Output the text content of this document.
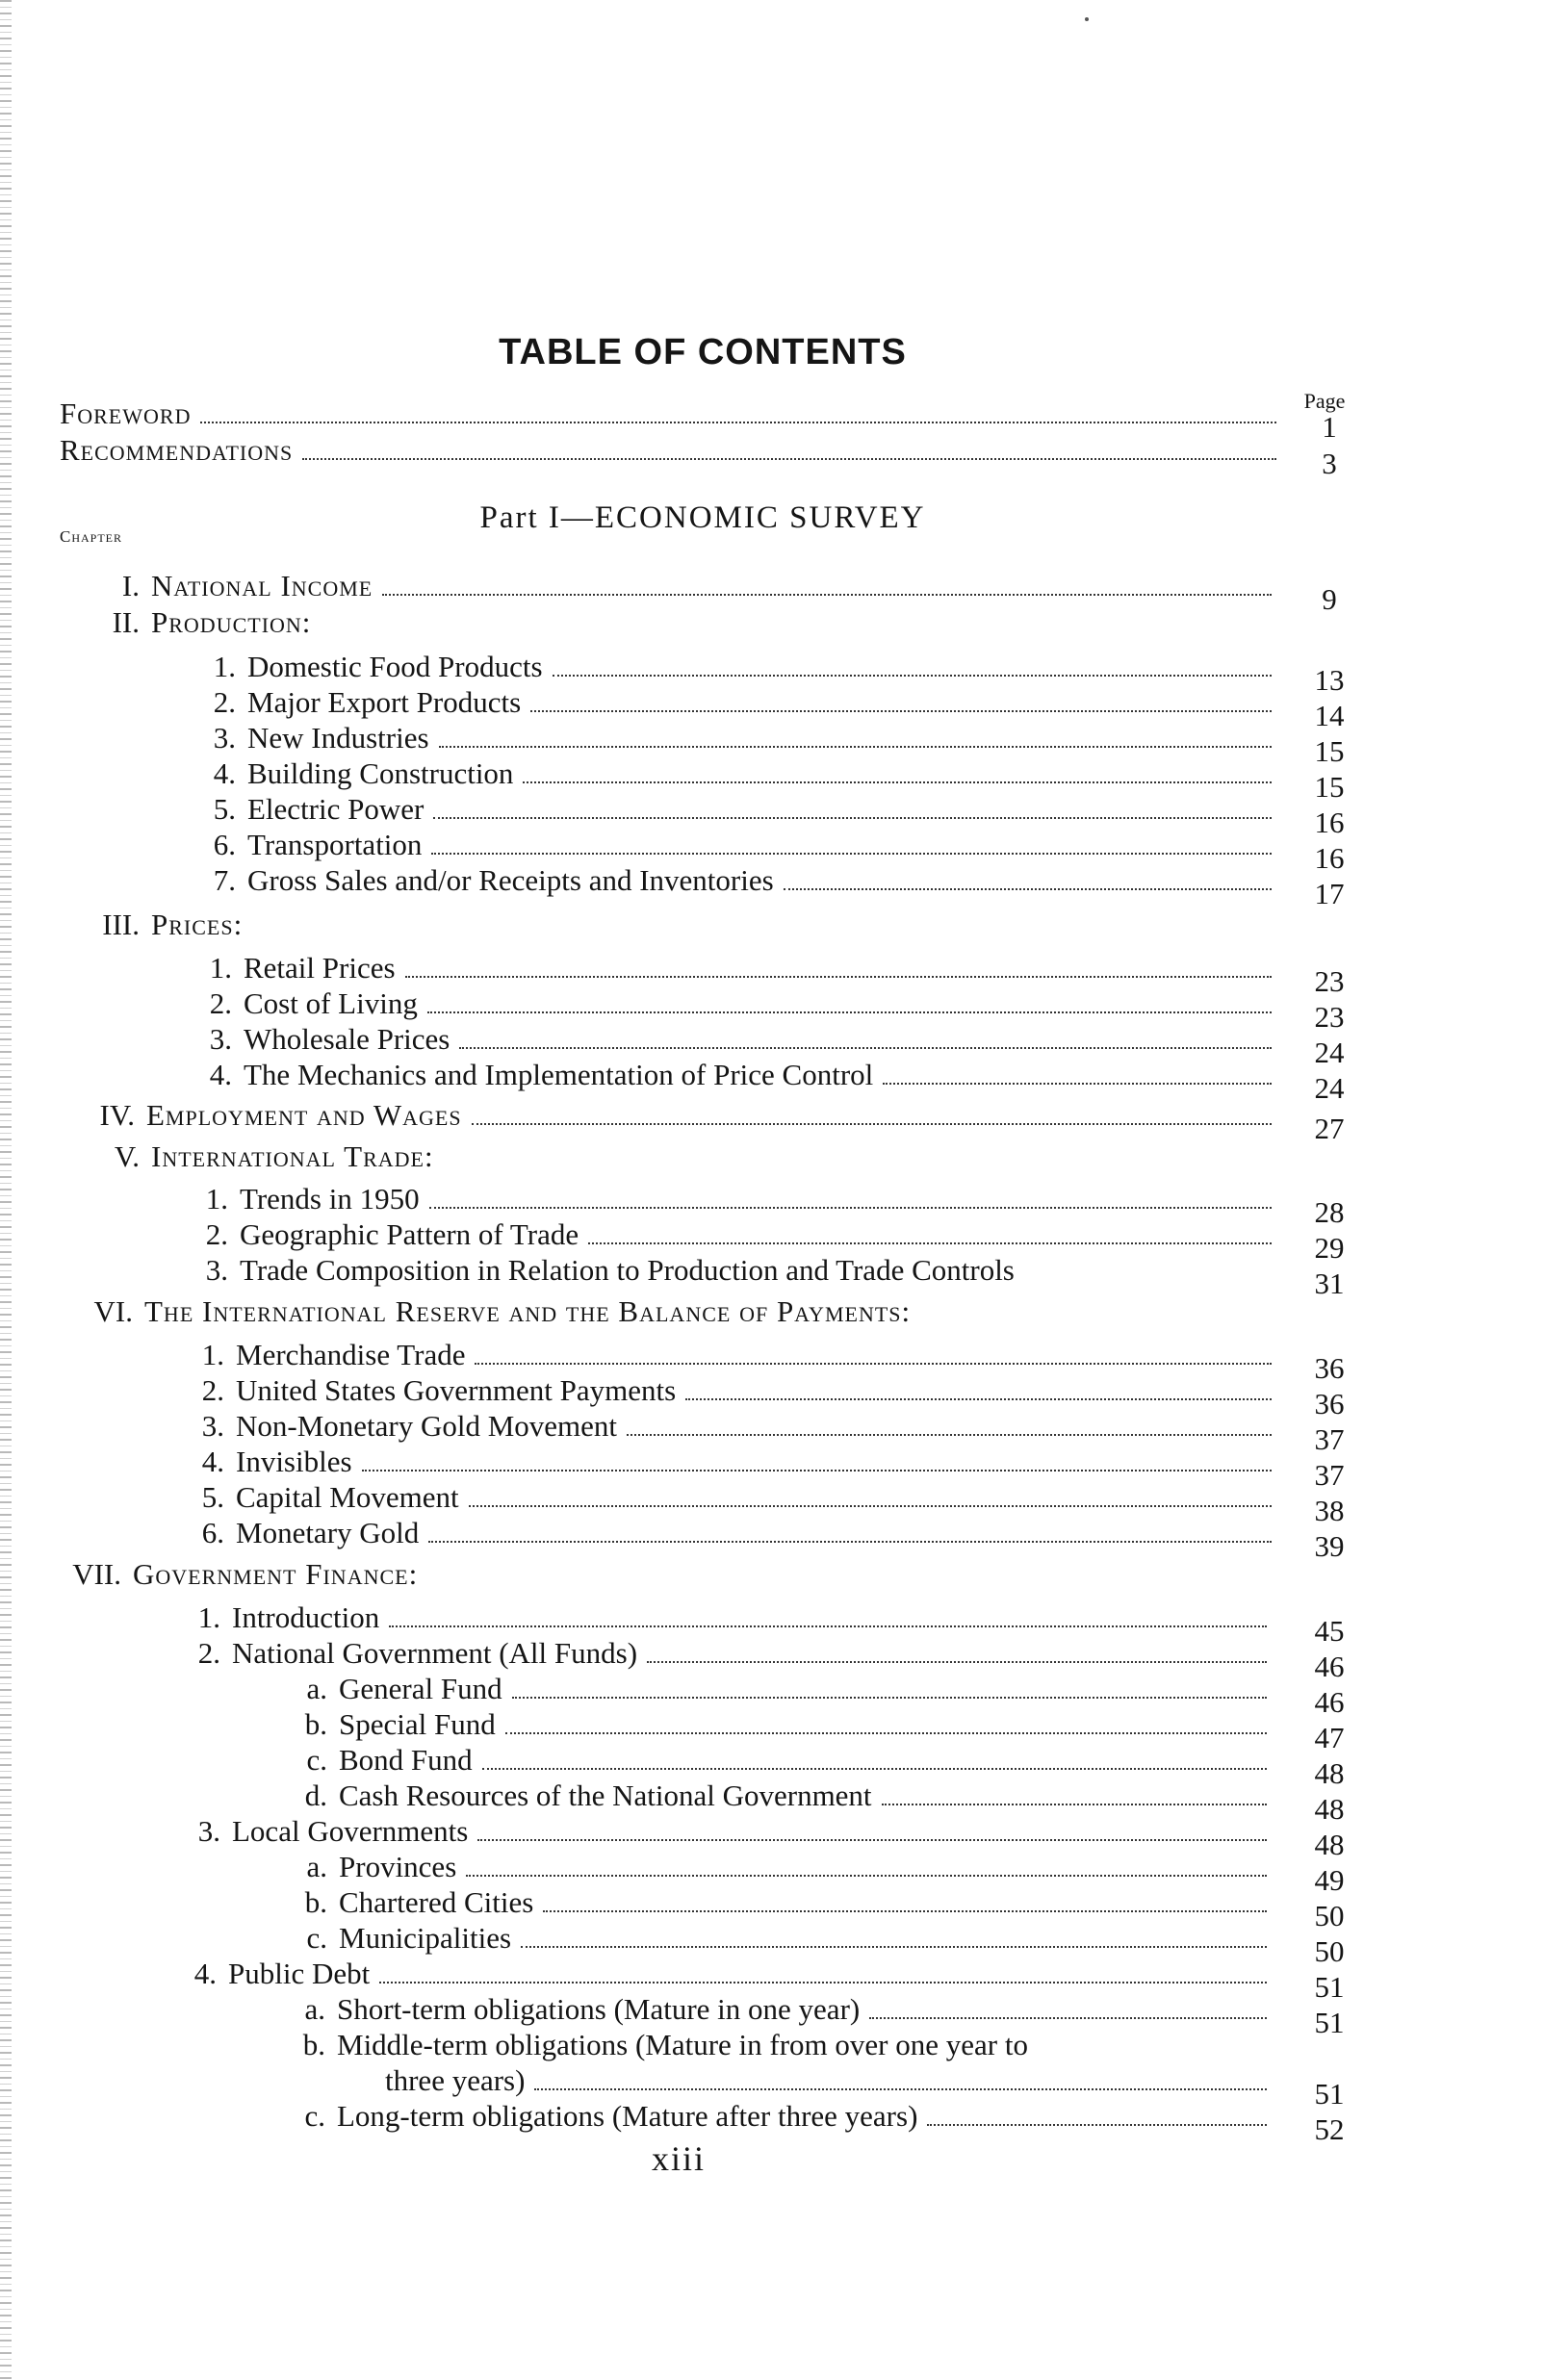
TABLE OF CONTENTS
Page
Foreword	1
Recommendations	3
Part I—ECONOMIC SURVEY
Chapter
I. National Income	9
II. Production:
1. Domestic Food Products	13
2. Major Export Products	14
3. New Industries	15
4. Building Construction	15
5. Electric Power	16
6. Transportation	16
7. Gross Sales and/or Receipts and Inventories	17
III. Prices:
1. Retail Prices	23
2. Cost of Living	23
3. Wholesale Prices	24
4. The Mechanics and Implementation of Price Control	24
IV. Employment and Wages	27
V. International Trade:
1. Trends in 1950	28
2. Geographic Pattern of Trade	29
3. Trade Composition in Relation to Production and Trade Controls	31
VI. The International Reserve and the Balance of Payments:
1. Merchandise Trade	36
2. United States Government Payments	36
3. Non-Monetary Gold Movement	37
4. Invisibles	37
5. Capital Movement	38
6. Monetary Gold	39
VII. Government Finance:
1. Introduction	45
2. National Government (All Funds)	46
a. General Fund	46
b. Special Fund	47
c. Bond Fund	48
d. Cash Resources of the National Government	48
3. Local Governments	48
a. Provinces	49
b. Chartered Cities	50
c. Municipalities	50
4. Public Debt	51
a. Short-term obligations (Mature in one year)	51
b. Middle-term obligations (Mature in from over one year to
three years)	51
c. Long-term obligations (Mature after three years)	52
xiii
